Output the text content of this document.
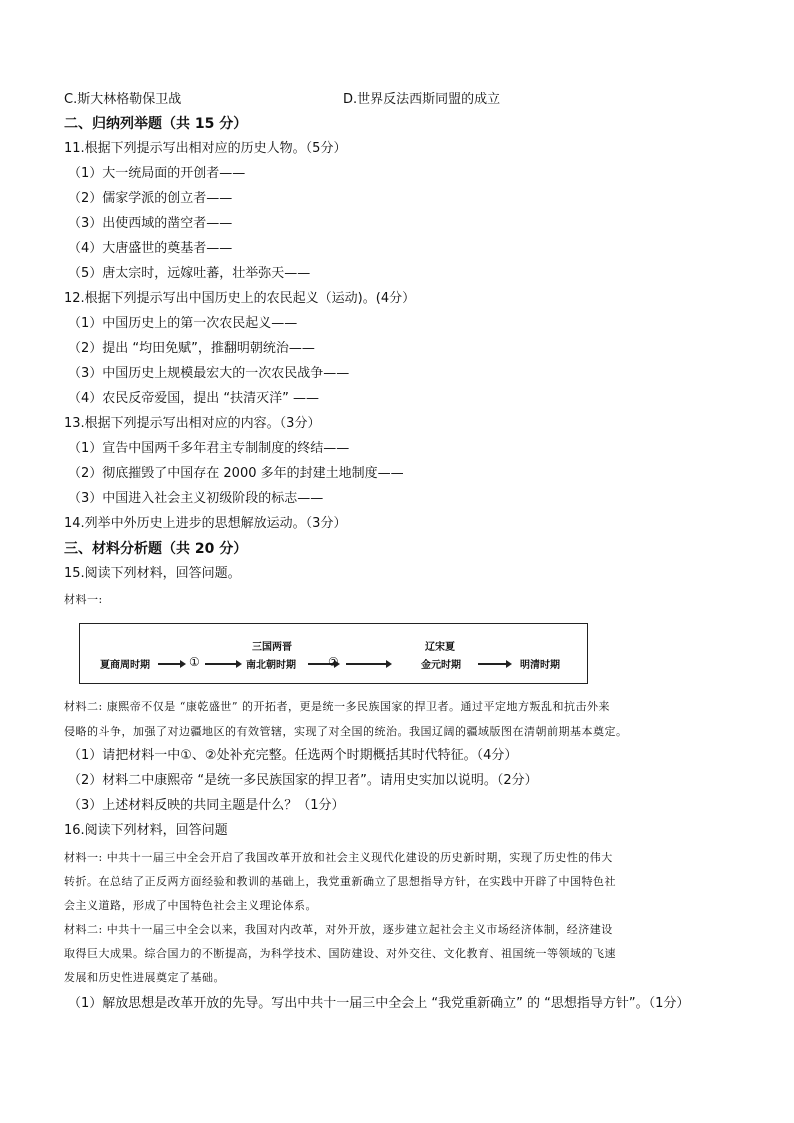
C.斯大林格勒保卫战	D.世界反法西斯同盟的成立
二、归纳列举题（共 15 分）
11.根据下列提示写出相对应的历史人物。（5分）
（1）大一统局面的开创者——
（2）儒家学派的创立者——
（3）出使西域的凿空者——
（4）大唐盛世的奠基者——
（5）唐太宗时，远嫁吐蕃，壮举弥天——
12.根据下列提示写出中国历史上的农民起义（运动)。(4分）
（1）中国历史上的第一次农民起义——
（2）提出 “均田免赋”，推翻明朝统治——
（3）中国历史上规模最宏大的一次农民战争——
（4）农民反帝爱国，提出 “扶清灭洋” ——
13.根据下列提示写出相对应的内容。（3分）
（1）宣告中国两千多年君主专制制度的终结——
（2）彻底摧毁了中国存在 2000 多年的封建土地制度——
（3）中国进入社会主义初级阶段的标志——
14.列举中外历史上进步的思想解放运动。（3分）
三、材料分析题（共 20 分）
15.阅读下列材料，回答问题。
材料一:
夏商周时期	①
三国两晋
南北朝时期	②
辽宋夏
金元时期	明清时期
材料二: 康熙帝不仅是 “康乾盛世” 的开拓者，更是统一多民族国家的捍卫者。通过平定地方叛乱和抗击外来
侵略的斗争，加强了对边疆地区的有效管辖，实现了对全国的统治。我国辽阔的疆域版图在清朝前期基本奠定。
（1）请把材料一中①、②处补充完整。任选两个时期概括其时代特征。（4分）
（2）材料二中康熙帝 “是统一多民族国家的捍卫者”。请用史实加以说明。（2分）
（3）上述材料反映的共同主题是什么？（1分）
16.阅读下列材料，回答问题
材料一: 中共十一届三中全会开启了我国改革开放和社会主义现代化建设的历史新时期，实现了历史性的伟大
转折。在总结了正反两方面经验和教训的基础上，我党重新确立了思想指导方针，在实践中开辟了中国特色社
会主义道路，形成了中国特色社会主义理论体系。
材料二: 中共十一届三中全会以来，我国对内改革，对外开放，逐步建立起社会主义市场经济体制，经济建设
取得巨大成果。综合国力的不断提高，为科学技术、国防建设、对外交往、文化教育、祖国统一等领域的飞速
发展和历史性进展奠定了基础。
（1）解放思想是改革开放的先导。写出中共十一届三中全会上 “我党重新确立” 的 “思想指导方针”。（1分）
